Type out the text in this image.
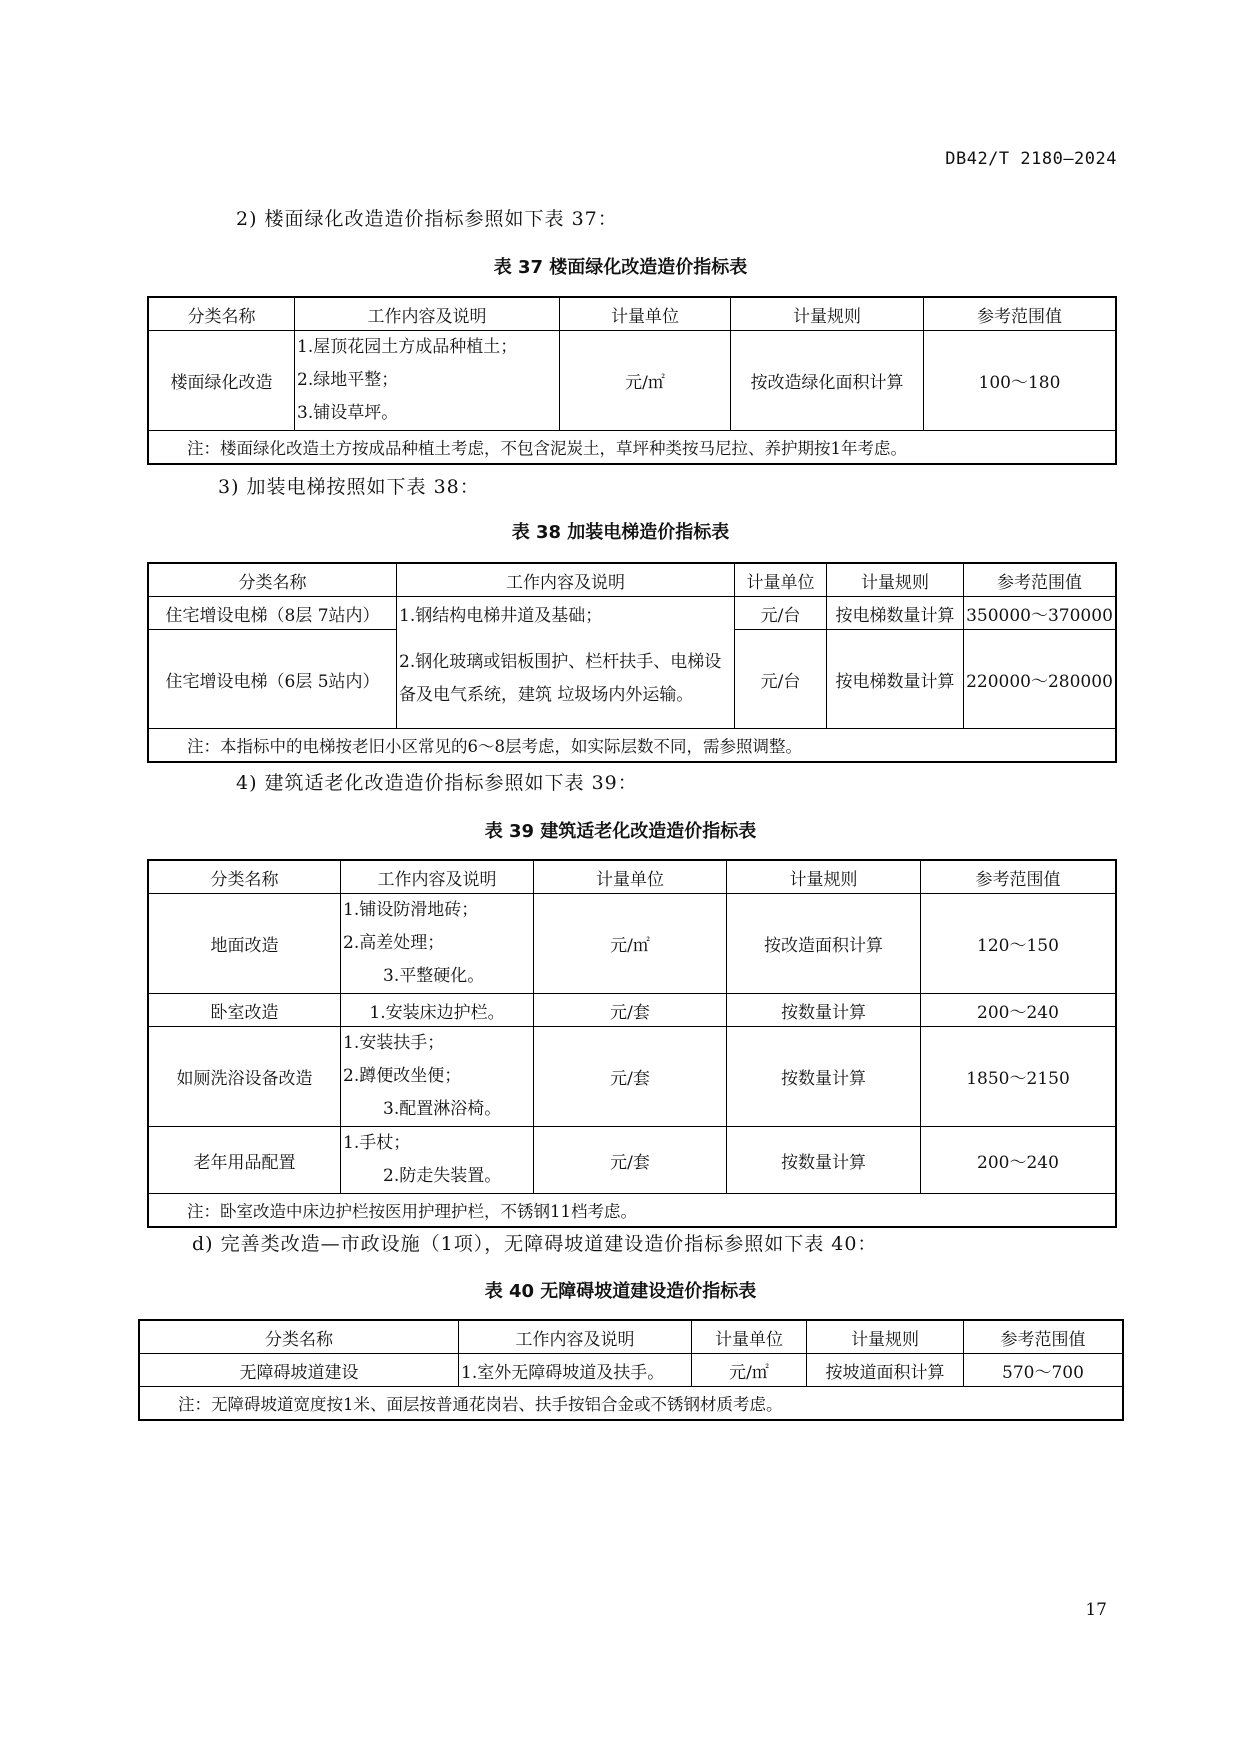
DB42/T 2180—2024
2) 楼面绿化改造造价指标参照如下表 37：
表 37 楼面绿化改造造价指标表
分类名称	工作内容及说明	计量单位	计量规则	参考范围值
楼面绿化改造	1.屋顶花园土方成品种植土；
2.绿地平整；
3.铺设草坪。	元/㎡	按改造绿化面积计算	100～180
注：楼面绿化改造土方按成品种植土考虑，不包含泥炭土，草坪种类按马尼拉、养护期按1年考虑。				
3) 加装电梯按照如下表 38：
表 38 加装电梯造价指标表
分类名称	工作内容及说明	计量单位	计量规则	参考范围值
住宅增设电梯（8层 7站内）	1.钢结构电梯井道及基础；	元/台	按电梯数量计算	350000～370000
住宅增设电梯（6层 5站内）	2.钢化玻璃或铝板围护、栏杆扶手、电梯设备及电气系统，建筑 垃圾场内外运输。	元/台	按电梯数量计算	220000～280000
注：本指标中的电梯按老旧小区常见的6～8层考虑，如实际层数不同，需参照调整。				
4) 建筑适老化改造造价指标参照如下表 39：
表 39 建筑适老化改造造价指标表
分类名称	工作内容及说明	计量单位	计量规则	参考范围值
地面改造	1.铺设防滑地砖；
2.高差处理；
3.平整硬化。	元/㎡	按改造面积计算	120～150
卧室改造	1.安装床边护栏。	元/套	按数量计算	200～240
如厕洗浴设备改造	1.安装扶手；
2.蹲便改坐便；
3.配置淋浴椅。	元/套	按数量计算	1850～2150
老年用品配置	1.手杖；
2.防走失装置。	元/套	按数量计算	200～240
注：卧室改造中床边护栏按医用护理护栏，不锈钢11档考虑。				
d) 完善类改造—市政设施（1项），无障碍坡道建设造价指标参照如下表 40：
表 40 无障碍坡道建设造价指标表
分类名称	工作内容及说明	计量单位	计量规则	参考范围值
无障碍坡道建设	1.室外无障碍坡道及扶手。	元/㎡	按坡道面积计算	570～700
注：无障碍坡道宽度按1米、面层按普通花岗岩、扶手按铝合金或不锈钢材质考虑。				
17
